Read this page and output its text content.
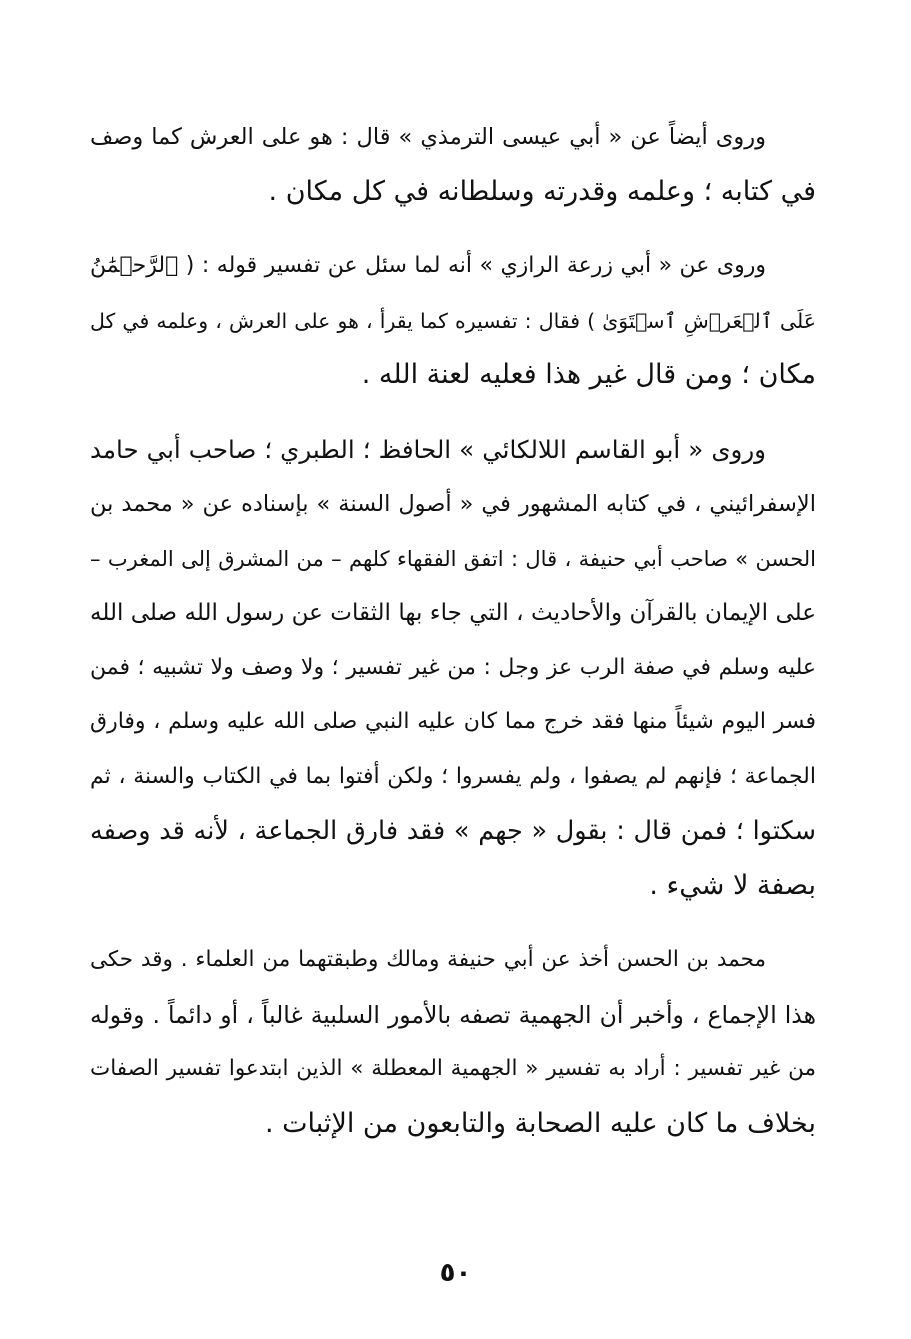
وروى أيضاً عن « أبي عيسى الترمذي » قال : هو على العرش كما وصف
في كتابه ؛ وعلمه وقدرته وسلطانه في كل مكان .
وروى عن « أبي زرعة الرازي » أنه لما سئل عن تفسير قوله : ( ٱلرَّحۡمَٰنُ
عَلَى ٱلۡعَرۡشِ ٱسۡتَوَىٰ ) فقال : تفسيره كما يقرأ ، هو على العرش ، وعلمه في كل
مكان ؛ ومن قال غير هذا فعليه لعنة الله .
وروى « أبو القاسم اللالكائي » الحافظ ؛ الطبري ؛ صاحب أبي حامد
الإسفرائيني ، في كتابه المشهور في « أصول السنة » بإسناده عن « محمد بن
الحسن » صاحب أبي حنيفة ، قال : اتفق الفقهاء كلهم – من المشرق إلى المغرب –
على الإيمان بالقرآن والأحاديث ، التي جاء بها الثقات عن رسول الله صلى الله
عليه وسلم في صفة الرب عز وجل : من غير تفسير ؛ ولا وصف ولا تشبيه ؛ فمن
فسر اليوم شيئاً منها فقد خرج مما كان عليه النبي صلى الله عليه وسلم ، وفارق
الجماعة ؛ فإنهم لم يصفوا ، ولم يفسروا ؛ ولكن أفتوا بما في الكتاب والسنة ، ثم
سكتوا ؛ فمن قال : بقول « جهم » فقد فارق الجماعة ، لأنه قد وصفه
بصفة لا شيء .
محمد بن الحسن أخذ عن أبي حنيفة ومالك وطبقتهما من العلماء . وقد حكى
هذا الإجماع ، وأخبر أن الجهمية تصفه بالأمور السلبية غالباً ، أو دائماً . وقوله
من غير تفسير : أراد به تفسير « الجهمية المعطلة » الذين ابتدعوا تفسير الصفات
بخلاف ما كان عليه الصحابة والتابعون من الإثبات .
٥٠
